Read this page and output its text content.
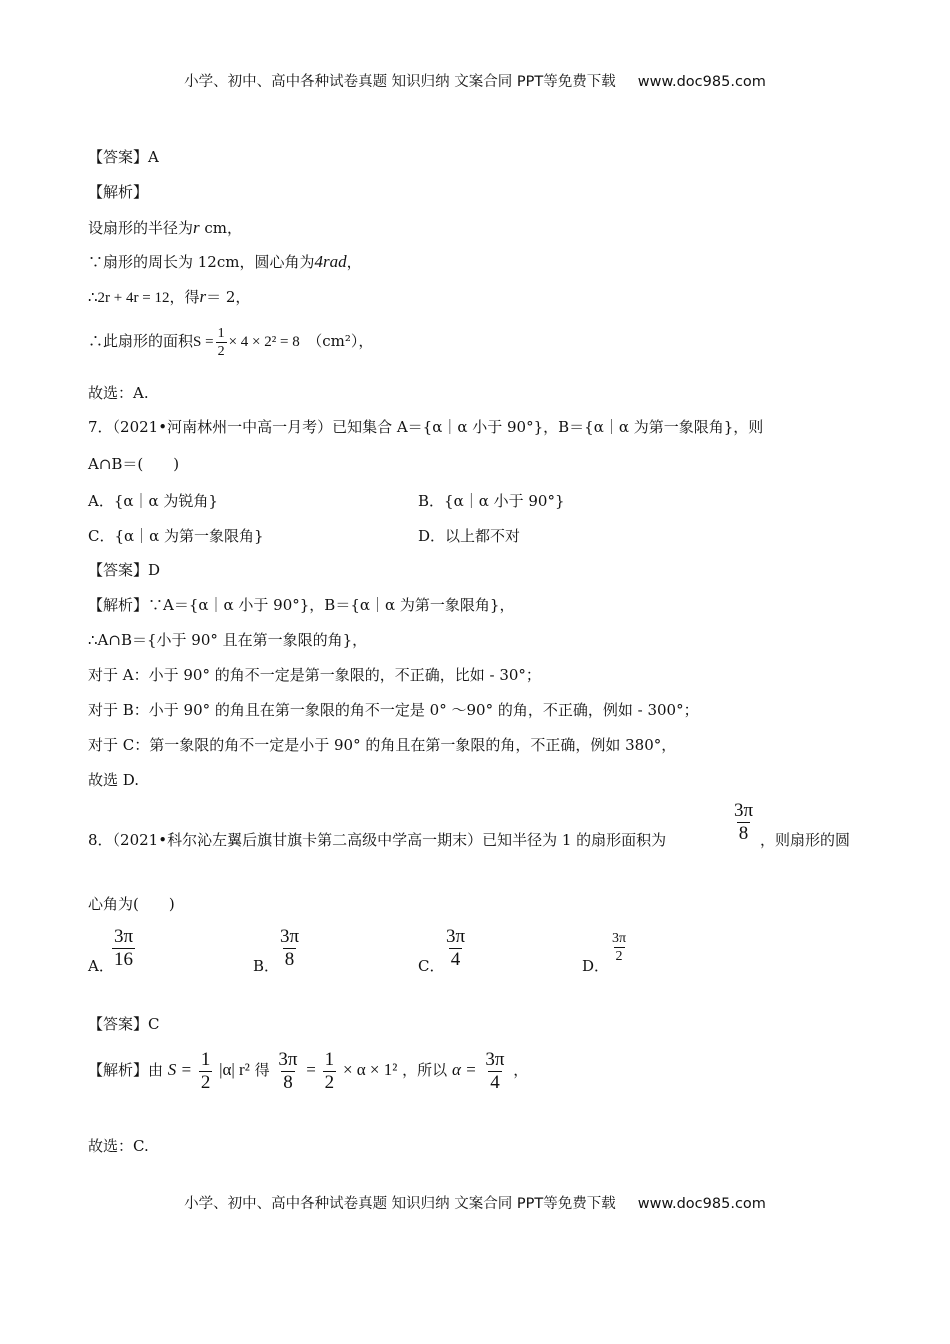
小学、初中、高中各种试卷真题 知识归纳 文案合同 PPT等免费下载 www.doc985.com
【答案】A
【解析】
设扇形的半径为r cm，
∵扇形的周长为 12cm，圆心角为4rad，
∴2r + 4r = 12，得r＝ 2，
∴此扇形的面积$S = \frac{1}{2} \times 4 \times 2^2 = 8$　 （cm²），
故选：A.
7．（2021•河南林州一中高一月考）已知集合 A＝{α｜α 小于 90°}，B＝{α｜α 为第一象限角}，则
A∩B＝(　　)
A．{α｜α 为锐角}	B．{α｜α 小于 90°}
C．{α｜α 为第一象限角}	D．以上都不对
【答案】D
【解析】∵A＝{α｜α 小于 90°}，B＝{α｜α 为第一象限角}，
∴A∩B＝{小于 90° 且在第一象限的角}，
对于 A：小于 90° 的角不一定是第一象限的，不正确，比如 - 30°；
对于 B：小于 90° 的角且在第一象限的角不一定是 0° ～90° 的角，不正确，例如 - 300°；
对于 C：第一象限的角不一定是小于 90° 的角且在第一象限的角，不正确，例如 380°，
故选 D.
8．（2021•科尔沁左翼后旗甘旗卡第二高级中学高一期末）已知半径为 1 的扇形面积为	$\frac{3\pi}{8}$ ，则扇形的圆
心角为(　　)
A．
$\frac{3\pi}{16}$	B．
$\frac{3\pi}{8}$	C． $\frac{3\pi}{4}$	D．
$\frac{3\pi}{2}$
【答案】C
【解析】由 $S = \frac{1}{2} |\alpha|$ r² 得 $\frac{3\pi}{8} = \frac{1}{2} \times \alpha \times 1^2$ ，所以 $\alpha = \frac{3\pi}{4}$ ，
故选：C.
小学、初中、高中各种试卷真题 知识归纳 文案合同 PPT等免费下载 www.doc985.com
